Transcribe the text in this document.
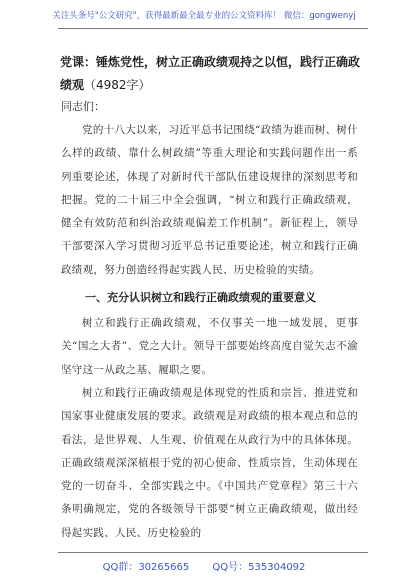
关注头条号"公文研究"，获得最新最全最专业的公文资料库！ 微信：gongwenyj
党课：锤炼党性，树立正确政绩观持之以恒，践行正确政绩观（4982字）
同志们：

党的十八大以来，习近平总书记围绕“政绩为谁而树、树什么样的政绩、靠什么树政绩”等重大理论和实践问题作出一系列重要论述，体现了对新时代干部队伍建设规律的深刻思考和把握。党的二十届三中全会强调，“树立和践行正确政绩观，健全有效防范和纠治政绩观偏差工作机制”。新征程上，领导干部要深入学习贯彻习近平总书记重要论述，树立和践行正确政绩观，努力创造经得起实践人民、历史检验的实绩。

一、充分认识树立和践行正确政绩观的重要意义

树立和践行正确政绩观，不仅事关一地一域发展，更事关“国之大者”、党之大计。领导干部要始终高度自觉矢志不渝坚守这一从政之基、履职之要。

树立和践行正确政绩观是体现党的性质和宗旨、推进党和国家事业健康发展的要求。政绩观是对政绩的根本观点和总的看法，是世界观、人生观、价值观在从政行为中的具体体现。正确政绩观深深植根于党的初心使命、性质宗旨，生动体现在党的一切奋斗、全部实践之中。《中国共产党章程》第三十六条明确规定，党的各级领导干部要“树立正确政绩观，做出经得起实践、人民、历史检验的

QQ群：30265665 QQ号：535304092
